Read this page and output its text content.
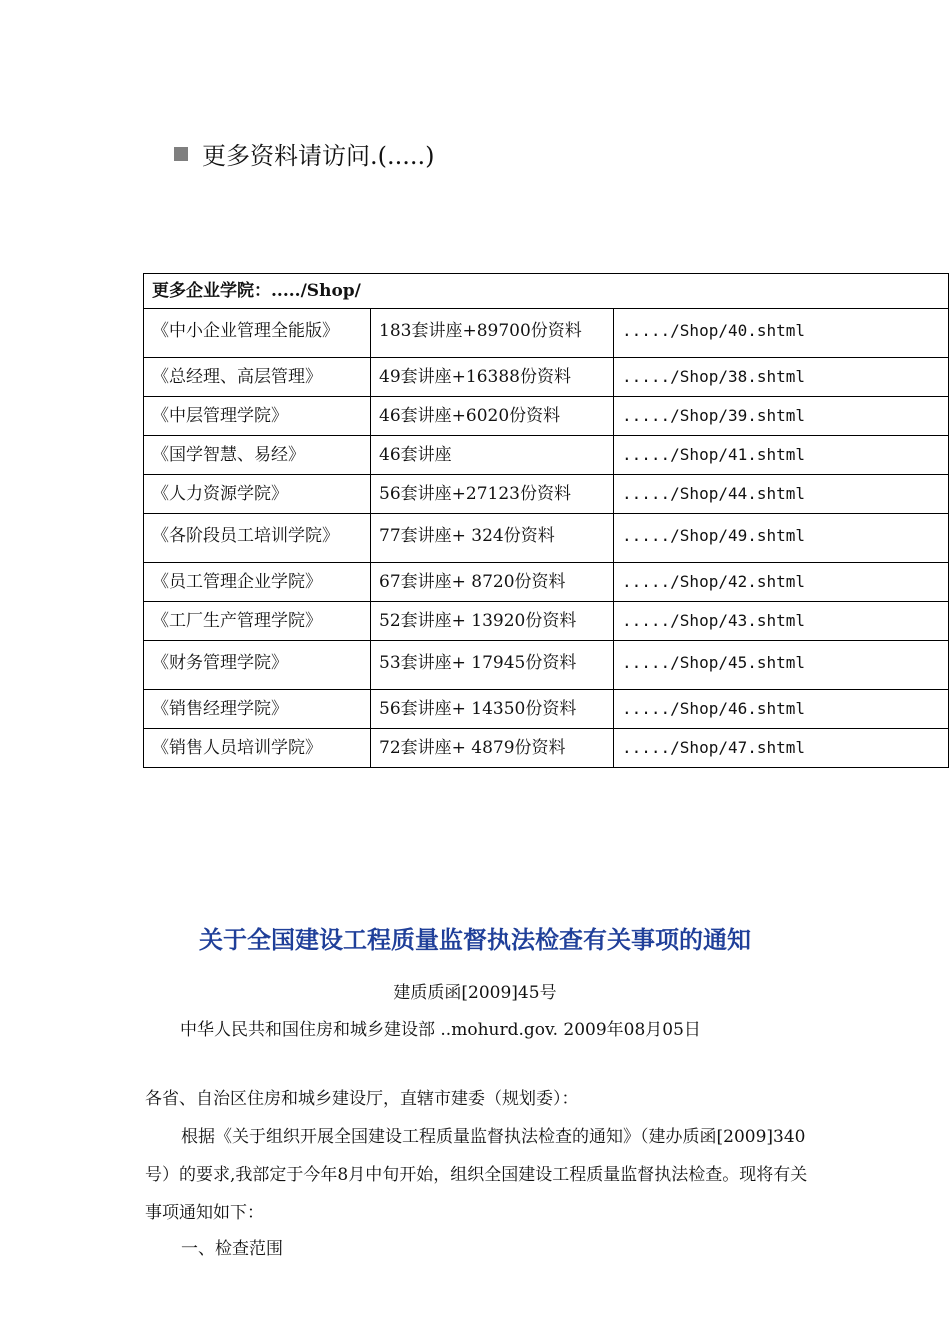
更多资料请访问.(.....)
更多企业学院：...../Shop/		
《中小企业管理全能版》	183套讲座+89700份资料	...../Shop/40.shtml
《总经理、高层管理》	49套讲座+16388份资料	...../Shop/38.shtml
《中层管理学院》	46套讲座+6020份资料	...../Shop/39.shtml
《国学智慧、易经》	46套讲座	...../Shop/41.shtml
《人力资源学院》	56套讲座+27123份资料	...../Shop/44.shtml
《各阶段员工培训学院》	77套讲座+ 324份资料	...../Shop/49.shtml
《员工管理企业学院》	67套讲座+ 8720份资料	...../Shop/42.shtml
《工厂生产管理学院》	52套讲座+ 13920份资料	...../Shop/43.shtml
《财务管理学院》	53套讲座+ 17945份资料	...../Shop/45.shtml
《销售经理学院》	56套讲座+ 14350份资料	...../Shop/46.shtml
《销售人员培训学院》	72套讲座+ 4879份资料	...../Shop/47.shtml
关于全国建设工程质量监督执法检查有关事项的通知
建质质函[2009]45号
中华人民共和国住房和城乡建设部 ..mohurd.gov. 2009年08月05日
各省、自治区住房和城乡建设厅，直辖市建委（规划委）：
根据《关于组织开展全国建设工程质量监督执法检查的通知》（建办质函[2009]340号）的要求,我部定于今年8月中旬开始，组织全国建设工程质量监督执法检查。现将有关事项通知如下：
一、检查范围
